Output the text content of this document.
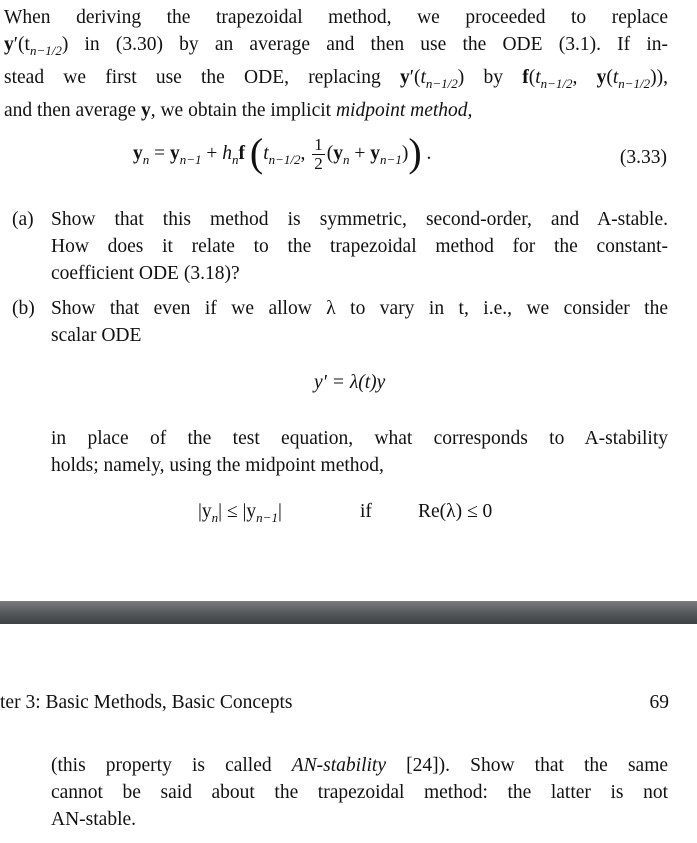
When deriving the trapezoidal method, we proceeded to replace
$y'(t_{n-1/2})$ in (3.30) by an average and then use the ODE (3.1). If in-
stead we first use the ODE, replacing $y'(t_{n-1/2})$ by $f(t_{n-1/2}$, $y(t_{n-1/2})$),
and then average y, we obtain the implicit midpoint method,
$y_n = y_{n-1} + h_nf$ ($t_{n-1/2}$, $\frac{1}{2} (y_n + y_{n-1})$) .	(3.33)
(a) Show that this method is symmetric, second-order, and A-stable.
How does it relate to the trapezoidal method for the constant-
coefficient ODE (3.18)?
(b) Show that even if we allow λ to vary in t, i.e., we consider the
scalar ODE
y′ = λ(t)y
in place of the test equation, what corresponds to A-stability
holds; namely, using the midpoint method,
$|y_n| \le |y_{n-1}|$	if Re(λ) ≤ 0
ter 3: Basic Methods, Basic Concepts	69
(this property is called AN-stability [24]). Show that the same
cannot be said about the trapezoidal method: the latter is not
AN-stable.
